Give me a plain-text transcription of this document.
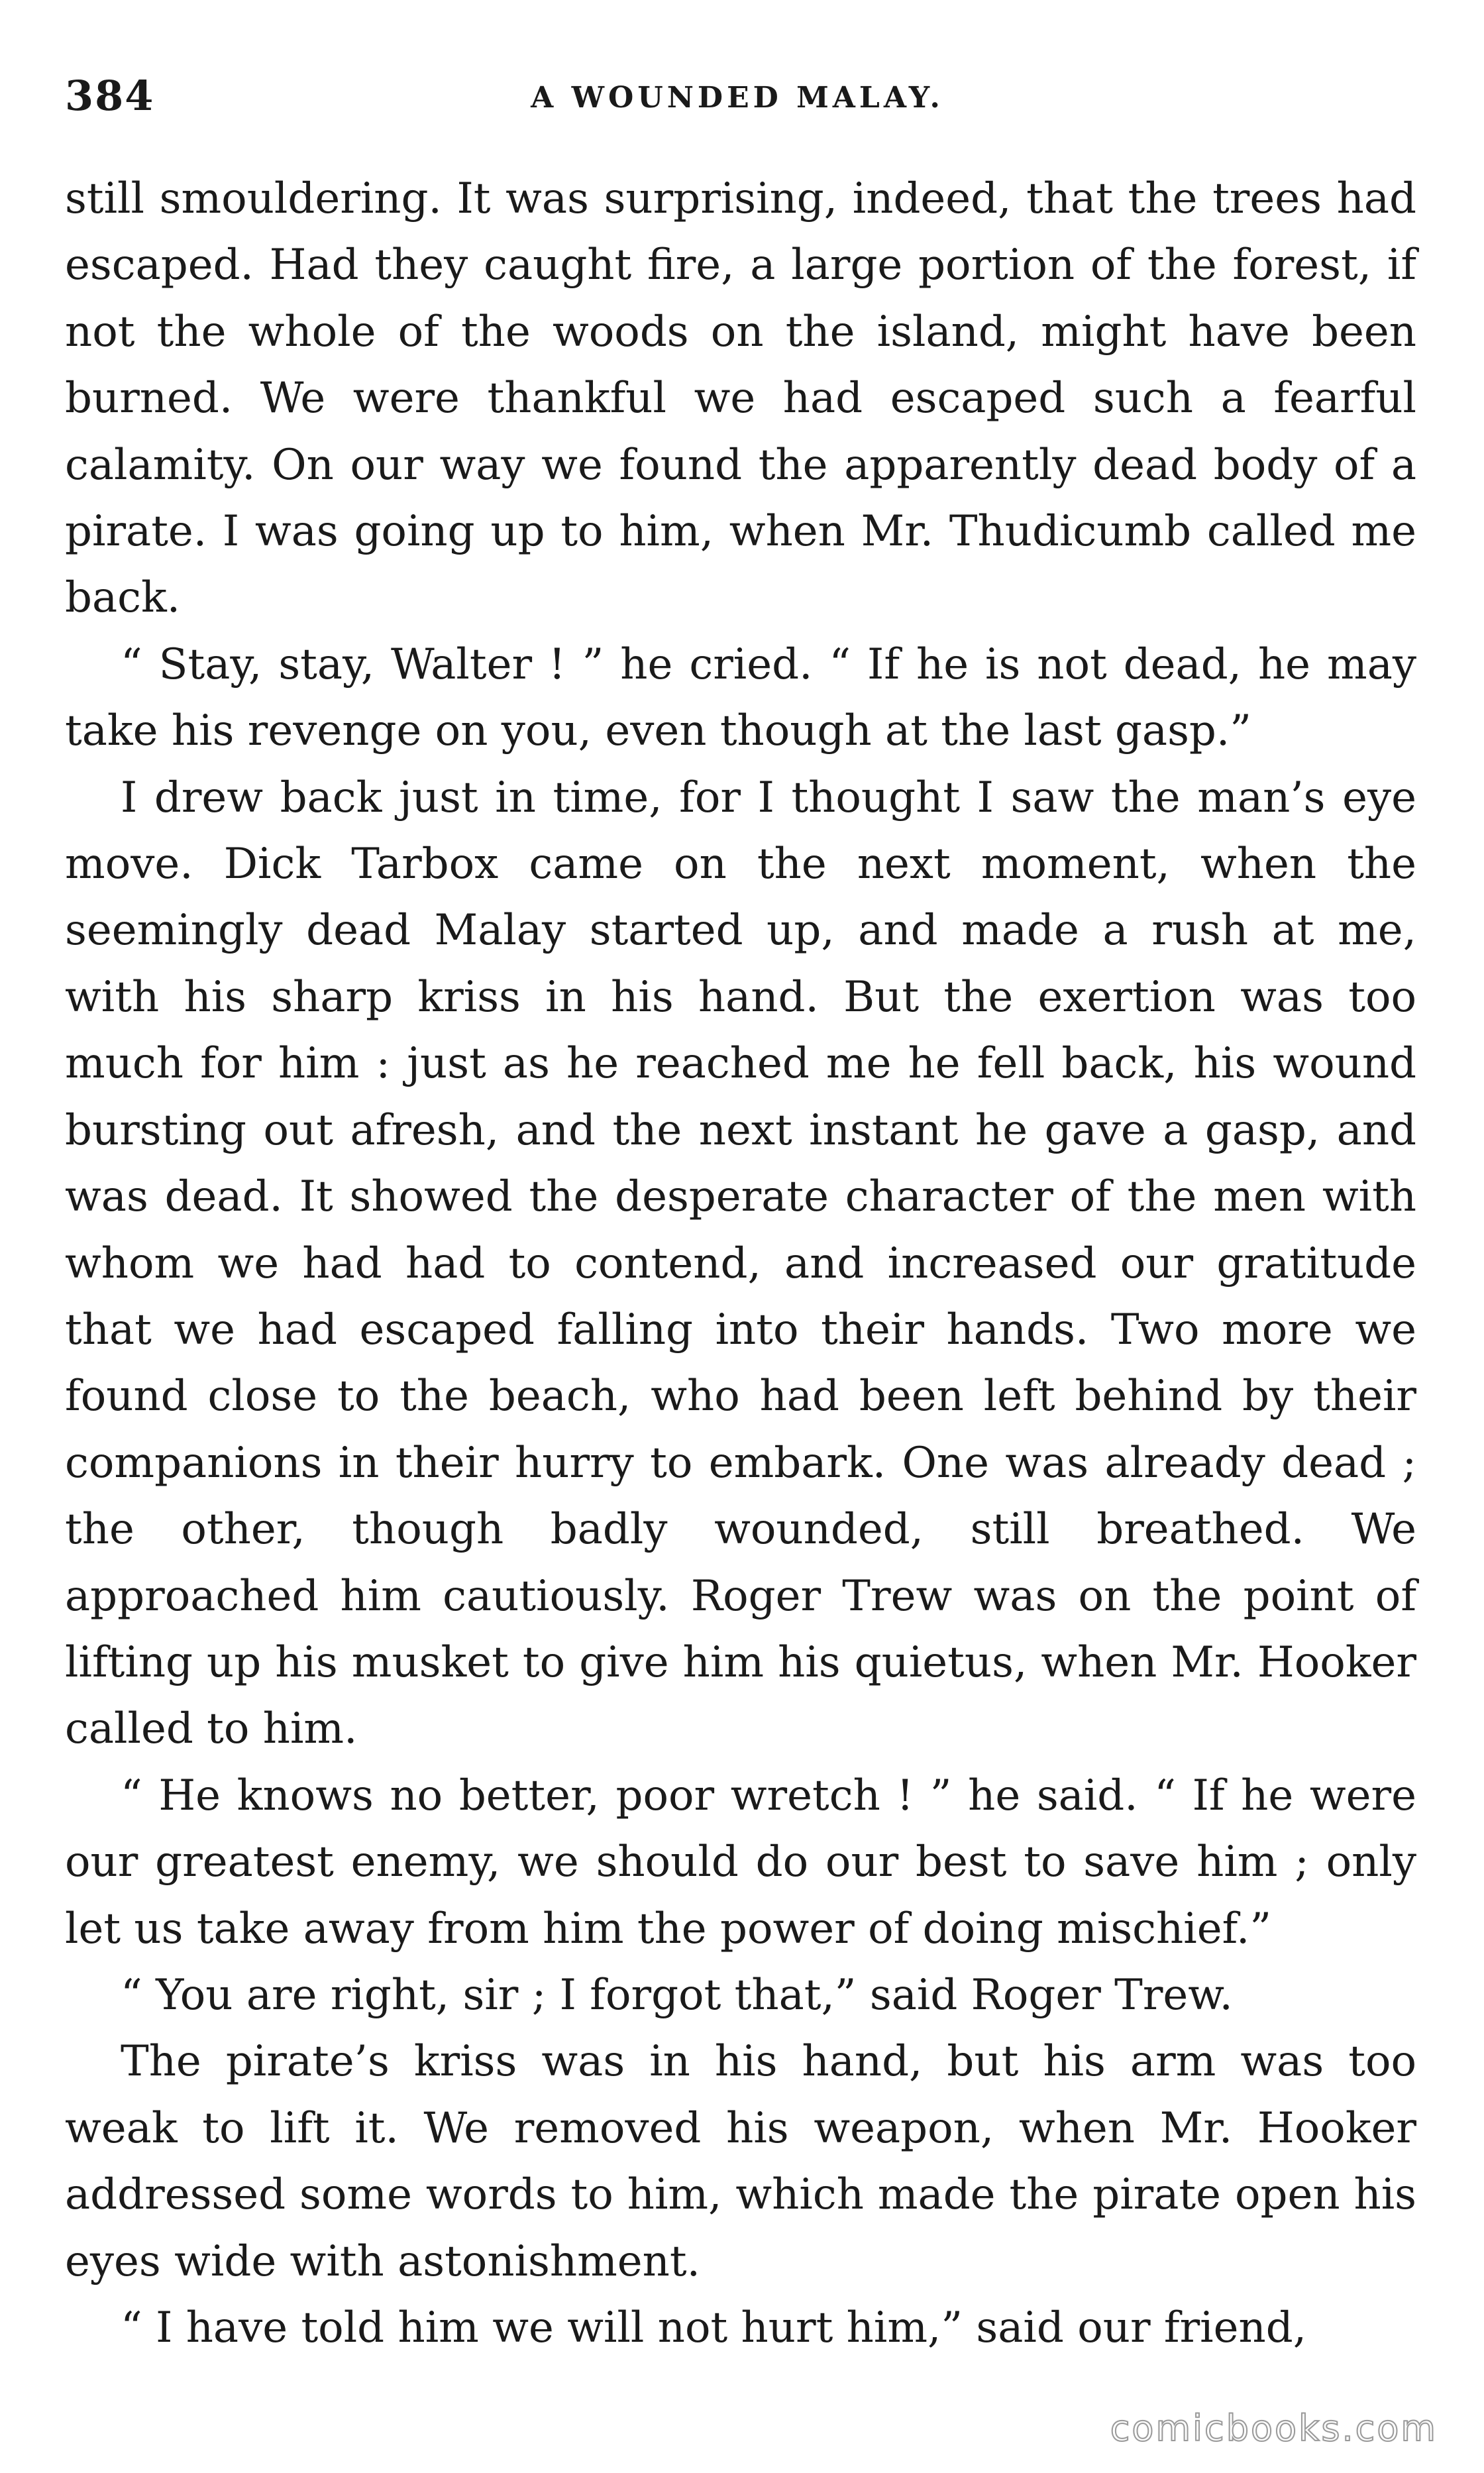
384	A WOUNDED MALAY.

still smouldering. It was surprising, indeed, that the trees had escaped. Had they caught fire, a large portion of the forest, if not the whole of the woods on the island, might have been burned. We were thankful we had escaped such a fearful calamity. On our way we found the apparently dead body of a pirate. I was going up to him, when Mr. Thudicumb called me back.

“ Stay, stay, Walter ! ” he cried. “ If he is not dead, he may take his revenge on you, even though at the last gasp.”

I drew back just in time, for I thought I saw the man’s eye move. Dick Tarbox came on the next moment, when the seemingly dead Malay started up, and made a rush at me, with his sharp kriss in his hand. But the exertion was too much for him : just as he reached me he fell back, his wound bursting out afresh, and the next instant he gave a gasp, and was dead. It showed the desperate character of the men with whom we had had to contend, and increased our gratitude that we had escaped falling into their hands. Two more we found close to the beach, who had been left behind by their companions in their hurry to embark. One was already dead ; the other, though badly wounded, still breathed. We approached him cautiously. Roger Trew was on the point of lifting up his musket to give him his quietus, when Mr. Hooker called to him.

“ He knows no better, poor wretch ! ” he said. “ If he were our greatest enemy, we should do our best to save him ; only let us take away from him the power of doing mischief.”

“ You are right, sir ; I forgot that,” said Roger Trew.

The pirate’s kriss was in his hand, but his arm was too weak to lift it. We removed his weapon, when Mr. Hooker addressed some words to him, which made the pirate open his eyes wide with astonishment.

“ I have told him we will not hurt him,” said our friend,

comicbooks.com
